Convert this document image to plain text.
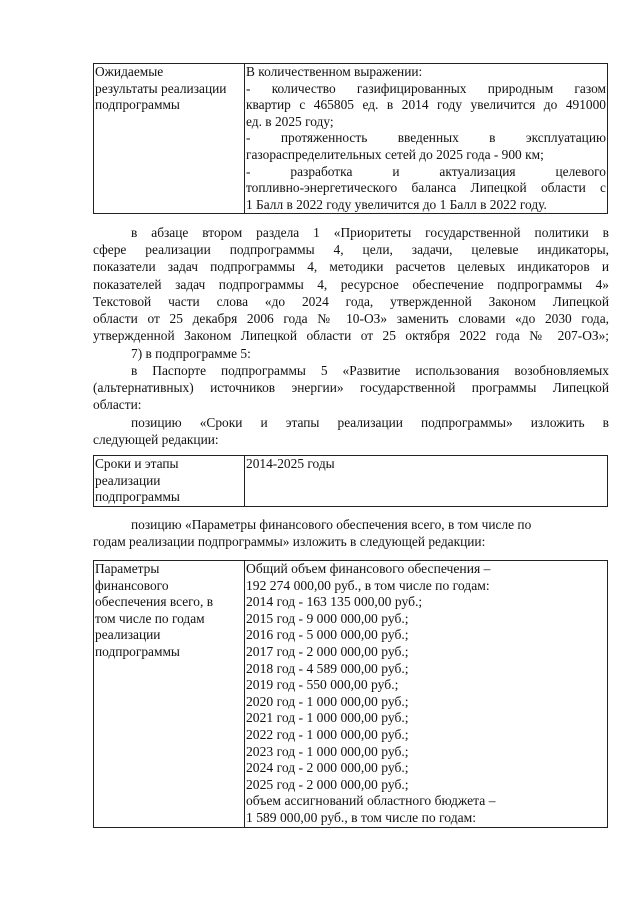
Ожидаемые
результаты реализации
подпрограммы

В количественном выражении:
- количество газифицированных природным газом
квартир с 465805 ед. в 2014 году увеличится до 491000
ед. в 2025 году;
- протяженность введенных в эксплуатацию
газораспределительных сетей до 2025 года - 900 км;
- разработка и актуализация целевого
топливно-энергетического баланса Липецкой области с
1 Балл в 2022 году увеличится до 1 Балл в 2022 году.
в абзаце втором раздела 1 «Приоритеты государственной политики в
сфере реализации подпрограммы 4, цели, задачи, целевые индикаторы,
показатели задач подпрограммы 4, методики расчетов целевых индикаторов и
показателей задач подпрограммы 4, ресурсное обеспечение подпрограммы 4»
Текстовой части слова «до 2024 года, утвержденной Законом Липецкой
области от 25 декабря 2006 года № 10-ОЗ» заменить словами «до 2030 года,
утвержденной Законом Липецкой области от 25 октября 2022 года № 207-ОЗ»;
7) в подпрограмме 5:
в Паспорте подпрограммы 5 «Развитие использования возобновляемых
(альтернативных) источников энергии» государственной программы Липецкой
области:
позицию «Сроки и этапы реализации подпрограммы» изложить в
следующей редакции:
Сроки и этапы
реализации
подпрограммы

2014-2025 годы
позицию «Параметры финансового обеспечения всего, в том числе по
годам реализации подпрограммы» изложить в следующей редакции:
Параметры
финансового
обеспечения всего, в
том числе по годам
реализации
подпрограммы

Общий объем финансового обеспечения –
192 274 000,00 руб., в том числе по годам:
2014 год - 163 135 000,00 руб.;
2015 год - 9 000 000,00 руб.;
2016 год - 5 000 000,00 руб.;
2017 год - 2 000 000,00 руб.;
2018 год - 4 589 000,00 руб.;
2019 год - 550 000,00 руб.;
2020 год - 1 000 000,00 руб.;
2021 год - 1 000 000,00 руб.;
2022 год - 1 000 000,00 руб.;
2023 год - 1 000 000,00 руб.;
2024 год - 2 000 000,00 руб.;
2025 год - 2 000 000,00 руб.;
объем ассигнований областного бюджета –
1 589 000,00 руб., в том числе по годам:
